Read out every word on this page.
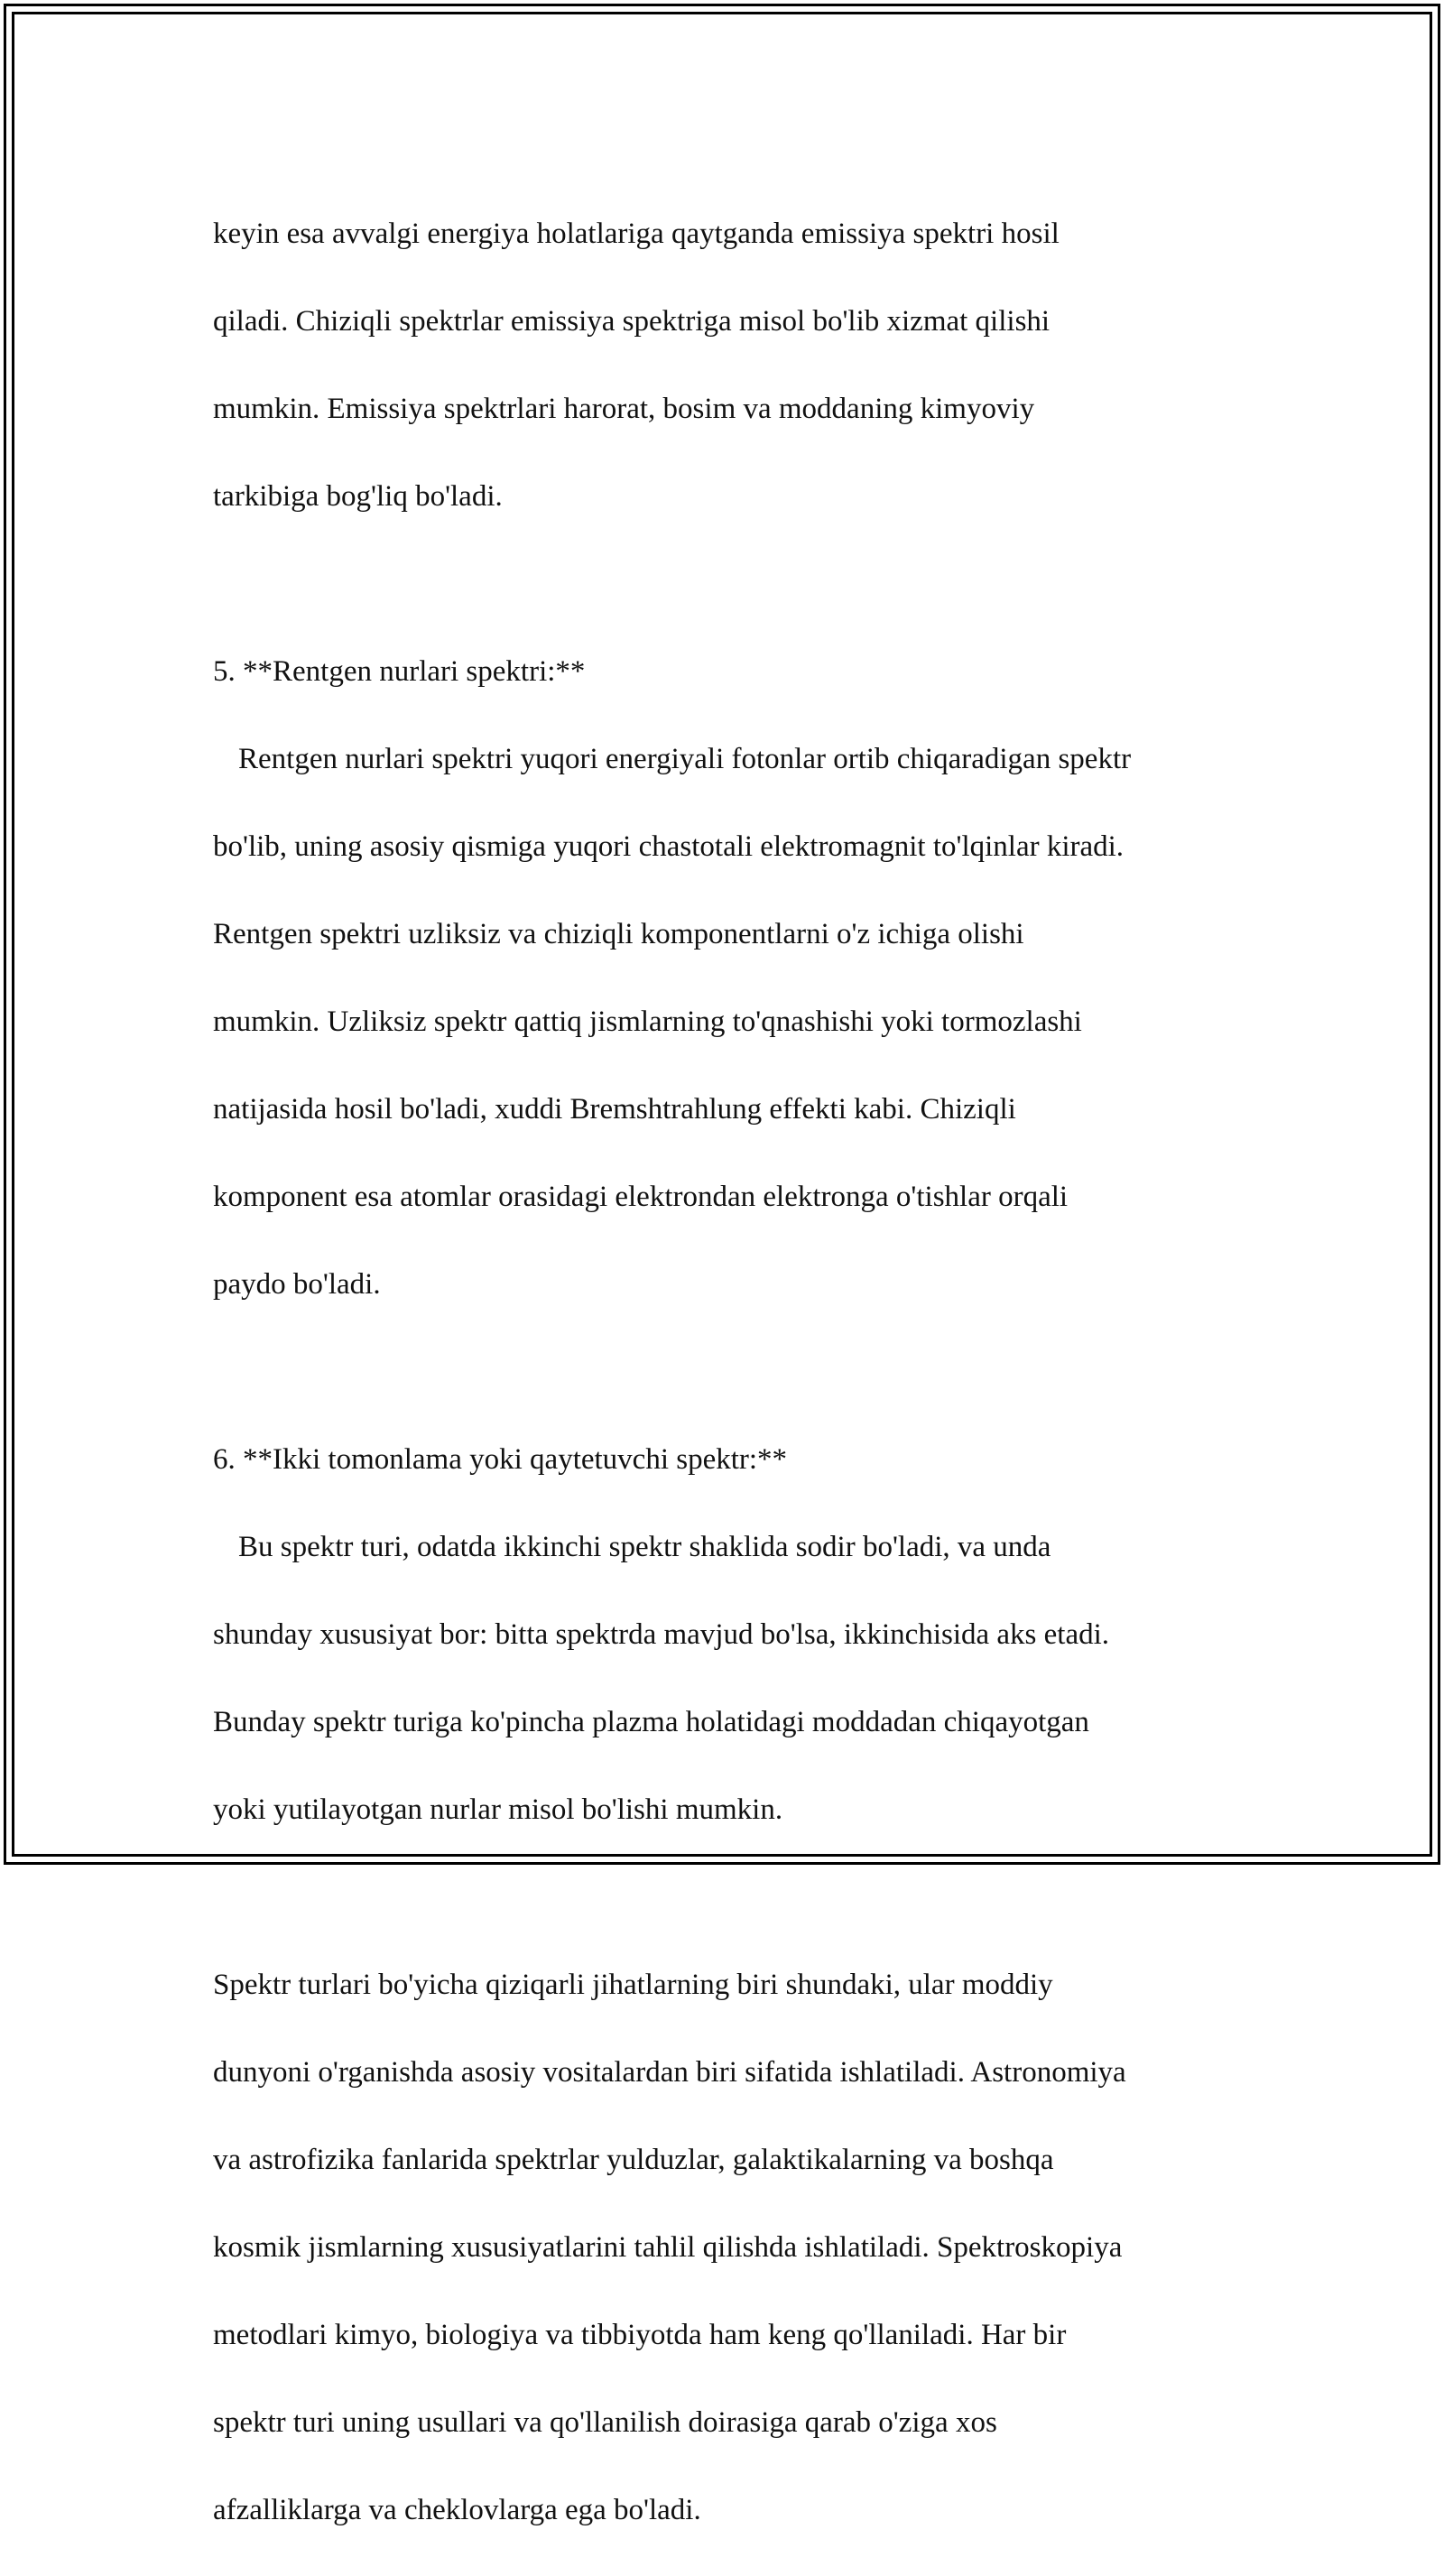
keyin esa avvalgi energiya holatlariga qaytganda emissiya spektri hosil

qiladi. Chiziqli spektrlar emissiya spektriga misol bo'lib xizmat qilishi

mumkin. Emissiya spektrlari harorat, bosim va moddaning kimyoviy

tarkibiga bog'liq bo'ladi.

5. **Rentgen nurlari spektri:**

Rentgen nurlari spektri yuqori energiyali fotonlar ortib chiqaradigan spektr

bo'lib, uning asosiy qismiga yuqori chastotali elektromagnit to'lqinlar kiradi.

Rentgen spektri uzliksiz va chiziqli komponentlarni o'z ichiga olishi

mumkin. Uzliksiz spektr qattiq jismlarning to'qnashishi yoki tormozlashi

natijasida hosil bo'ladi, xuddi Bremshtrahlung effekti kabi. Chiziqli

komponent esa atomlar orasidagi elektrondan elektronga o'tishlar orqali

paydo bo'ladi.

6. **Ikki tomonlama yoki qaytetuvchi spektr:**

Bu spektr turi, odatda ikkinchi spektr shaklida sodir bo'ladi, va unda

shunday xususiyat bor: bitta spektrda mavjud bo'lsa, ikkinchisida aks etadi.

Bunday spektr turiga ko'pincha plazma holatidagi moddadan chiqayotgan

yoki yutilayotgan nurlar misol bo'lishi mumkin.

Spektr turlari bo'yicha qiziqarli jihatlarning biri shundaki, ular moddiy

dunyoni o'rganishda asosiy vositalardan biri sifatida ishlatiladi. Astronomiya

va astrofizika fanlarida spektrlar yulduzlar, galaktikalarning va boshqa

kosmik jismlarning xususiyatlarini tahlil qilishda ishlatiladi. Spektroskopiya

metodlari kimyo, biologiya va tibbiyotda ham keng qo'llaniladi. Har bir

spektr turi uning usullari va qo'llanilish doirasiga qarab o'ziga xos

afzalliklarga va cheklovlarga ega bo'ladi.
